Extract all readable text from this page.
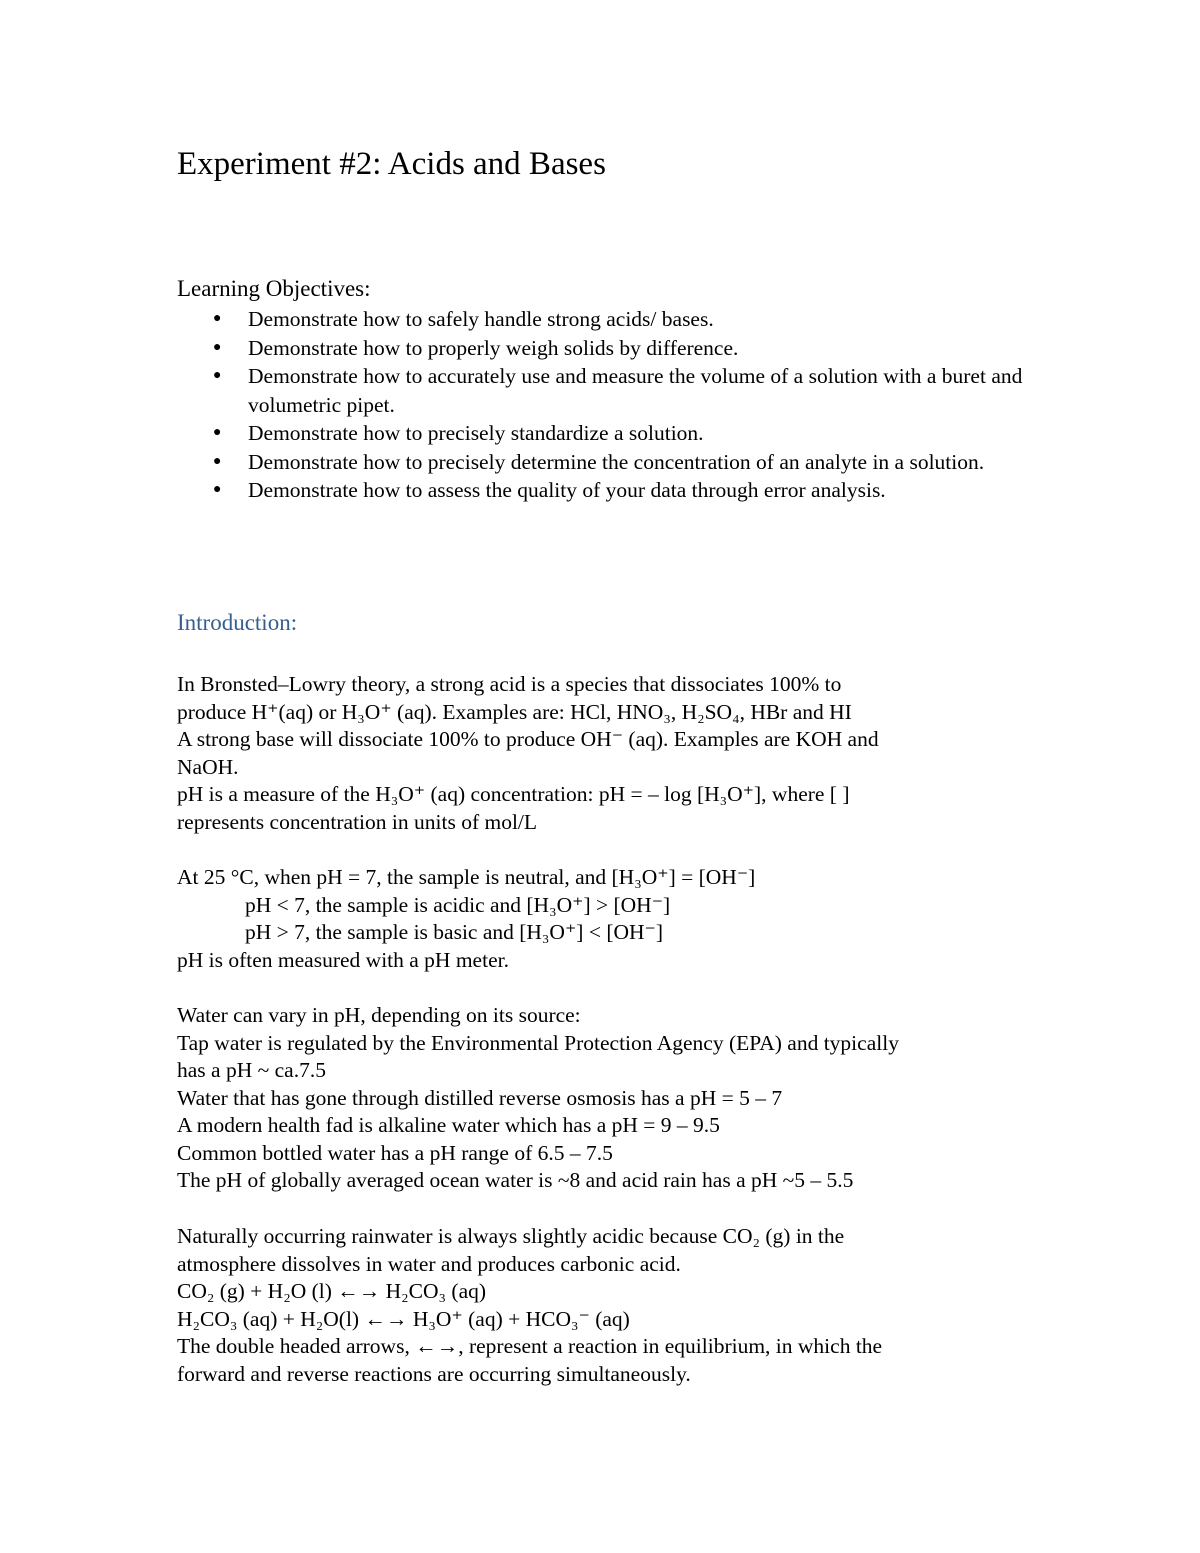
Experiment #2: Acids and Bases
Learning Objectives:
● Demonstrate how to safely handle strong acids/ bases.
● Demonstrate how to properly weigh solids by difference.
● Demonstrate how to accurately use and measure the volume of a solution with a buret and volumetric pipet.
● Demonstrate how to precisely standardize a solution.
● Demonstrate how to precisely determine the concentration of an analyte in a solution.
● Demonstrate how to assess the quality of your data through error analysis.
Introduction:
In Bronsted–Lowry theory, a strong acid is a species that dissociates 100% to
produce H⁺(aq) or H₃O⁺ (aq). Examples are: HCl, HNO₃, H₂SO₄, HBr and HI
A strong base will dissociate 100% to produce OH⁻ (aq). Examples are KOH and
NaOH.
pH is a measure of the H₃O⁺ (aq) concentration: pH = – log [H₃O⁺], where [ ]
represents concentration in units of mol/L
At 25 °C, when pH = 7, the sample is neutral, and [H₃O⁺] = [OH⁻]
pH < 7, the sample is acidic and [H₃O⁺] > [OH⁻]
pH > 7, the sample is basic and [H₃O⁺] < [OH⁻]
pH is often measured with a pH meter.
Water can vary in pH, depending on its source:
Tap water is regulated by the Environmental Protection Agency (EPA) and typically
has a pH ~ ca.7.5
Water that has gone through distilled reverse osmosis has a pH = 5 – 7
A modern health fad is alkaline water which has a pH = 9 – 9.5
Common bottled water has a pH range of 6.5 – 7.5
The pH of globally averaged ocean water is ~8 and acid rain has a pH ~5 – 5.5
Naturally occurring rainwater is always slightly acidic because CO₂ (g) in the
atmosphere dissolves in water and produces carbonic acid.
CO₂ (g) + H₂O (l) ←→ H₂CO₃ (aq)
H₂CO₃ (aq) + H₂O(l) ←→ H₃O⁺ (aq) + HCO₃⁻ (aq)
The double headed arrows, ←→, represent a reaction in equilibrium, in which the
forward and reverse reactions are occurring simultaneously.
